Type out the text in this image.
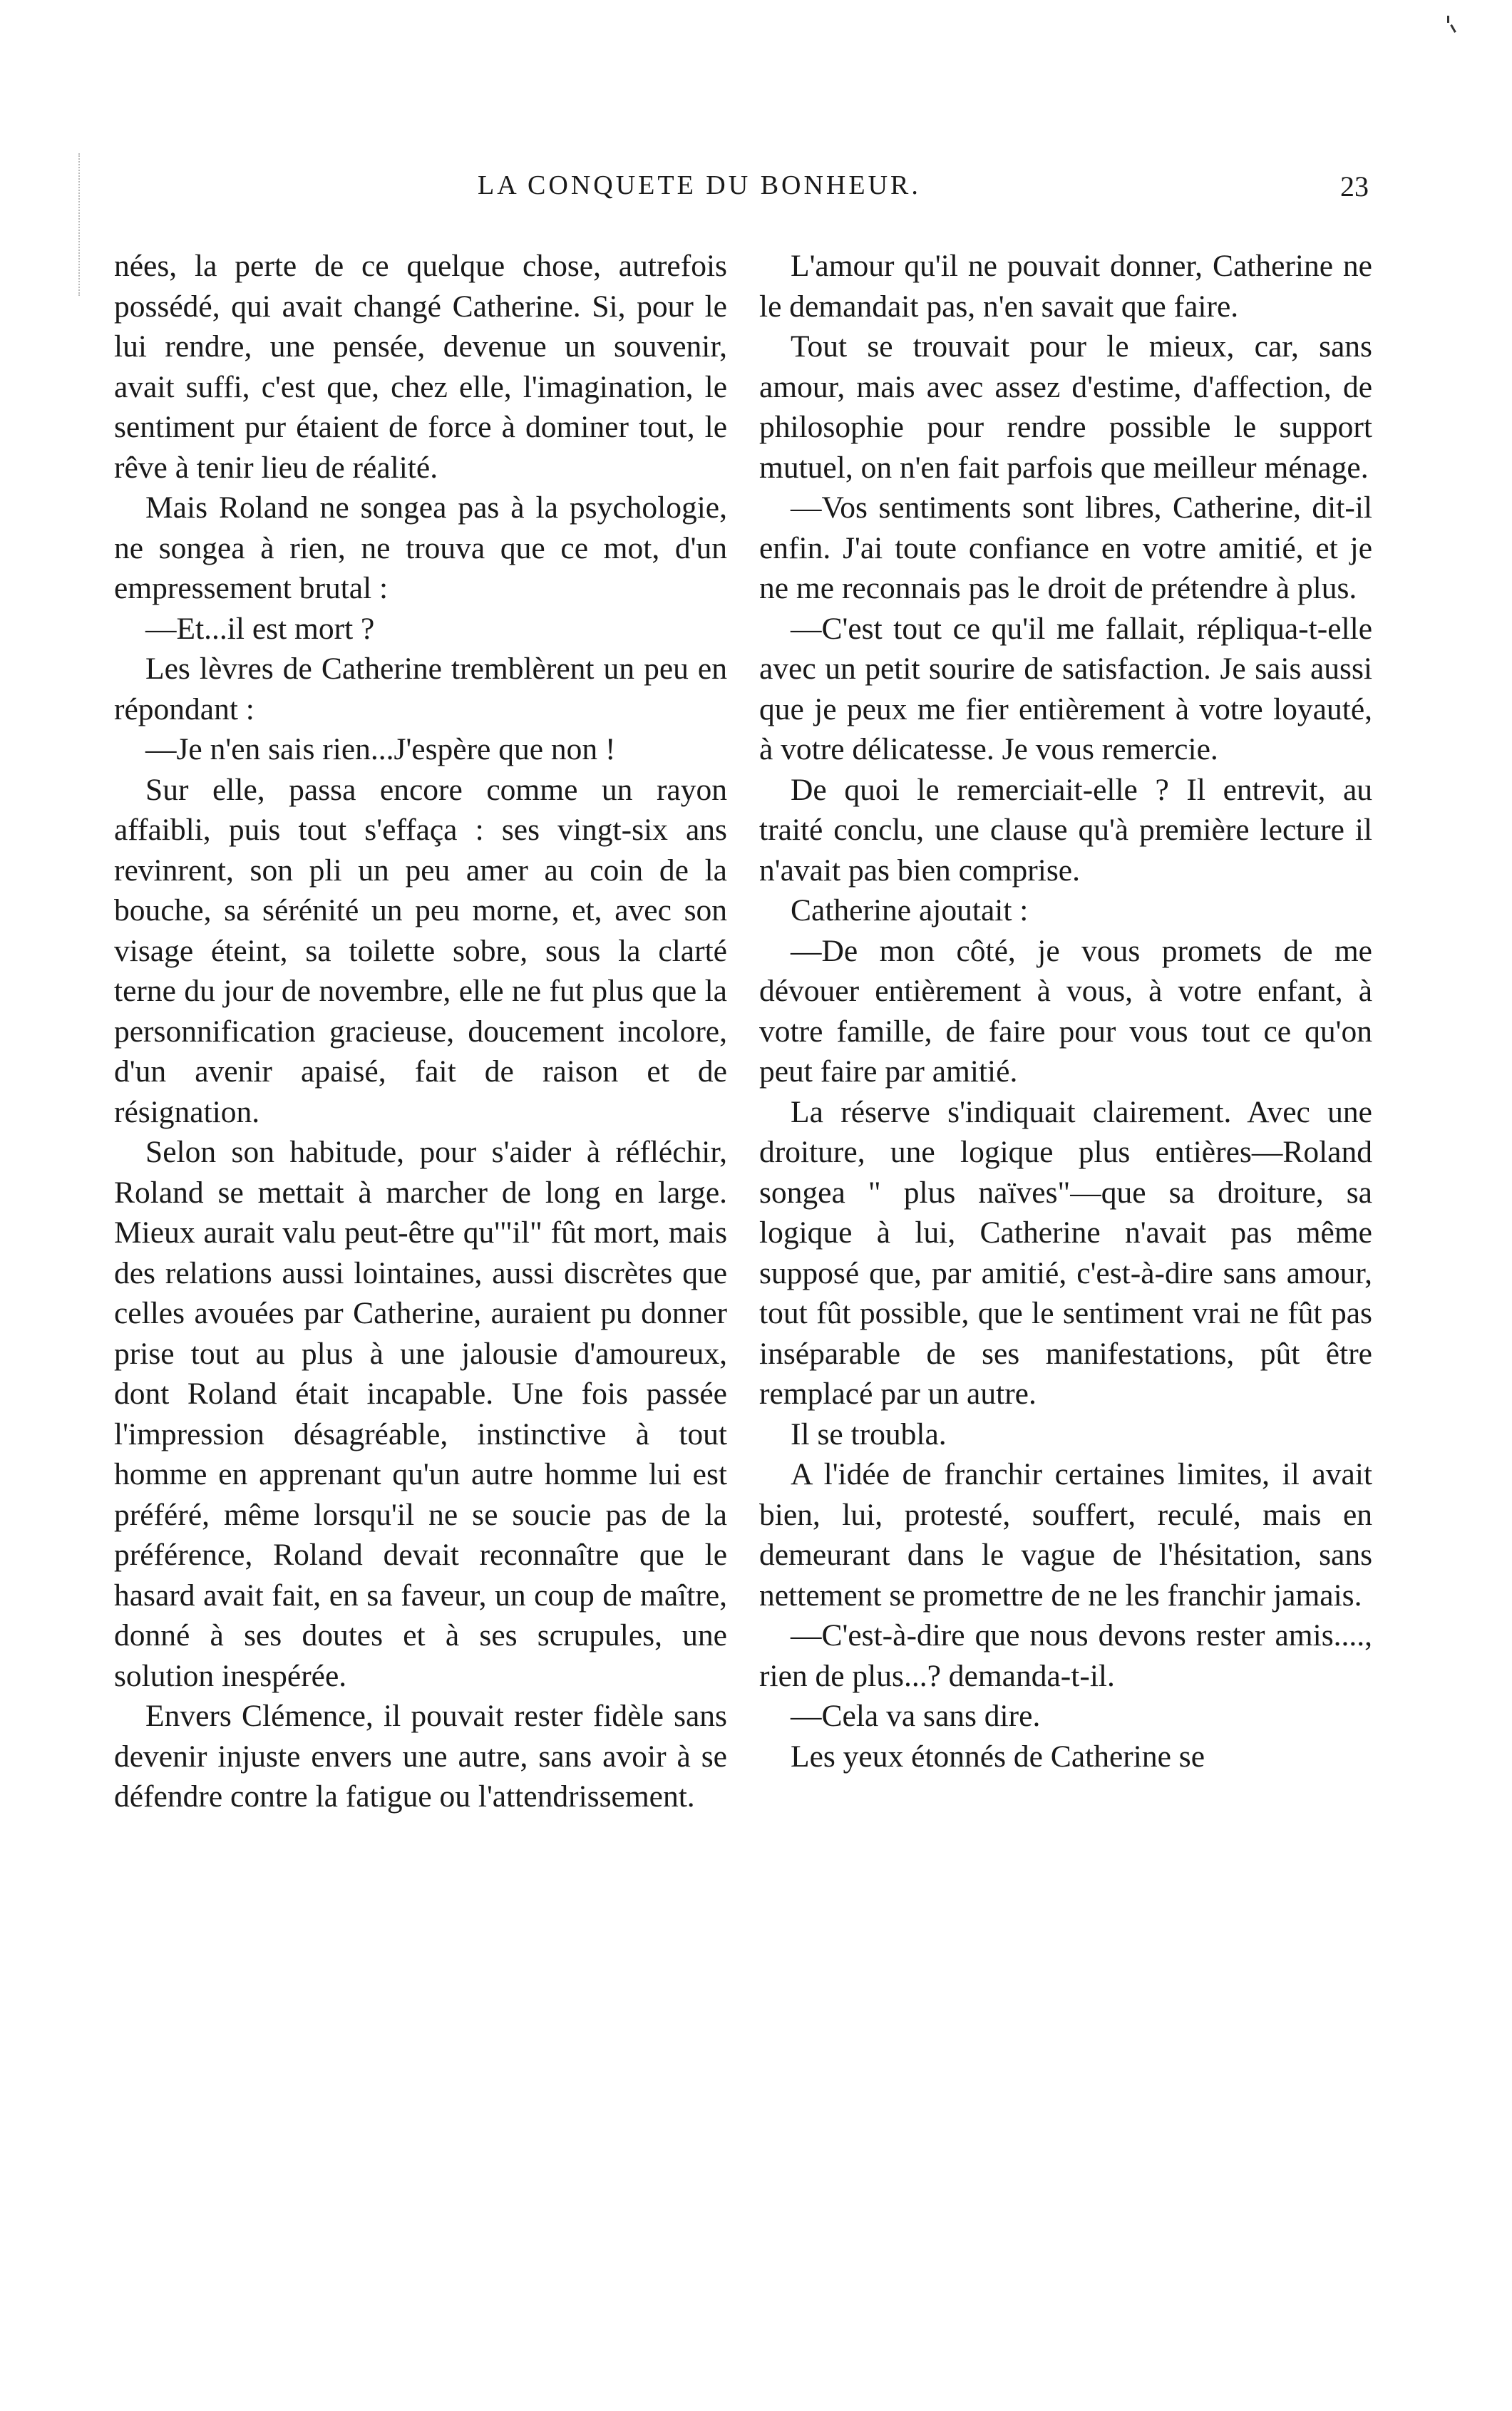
LA CONQUETE DU BONHEUR.	23

nées, la perte de ce quelque chose, autrefois possédé, qui avait changé Catherine. Si, pour le lui rendre, une pensée, devenue un souvenir, avait suffi, c'est que, chez elle, l'imagination, le sentiment pur étaient de force à dominer tout, le rêve à tenir lieu de réalité.

Mais Roland ne songea pas à la psychologie, ne songea à rien, ne trouva que ce mot, d'un empressement brutal :

—Et...il est mort ?

Les lèvres de Catherine tremblèrent un peu en répondant :

—Je n'en sais rien...J'espère que non !

Sur elle, passa encore comme un rayon affaibli, puis tout s'effaça : ses vingt-six ans revinrent, son pli un peu amer au coin de la bouche, sa sérénité un peu morne, et, avec son visage éteint, sa toilette sobre, sous la clarté terne du jour de novembre, elle ne fut plus que la personnification gracieuse, doucement incolore, d'un avenir apaisé, fait de raison et de résignation.

Selon son habitude, pour s'aider à réfléchir, Roland se mettait à marcher de long en large. Mieux aurait valu peut-être qu'"il" fût mort, mais des relations aussi lointaines, aussi discrètes que celles avouées par Catherine, auraient pu donner prise tout au plus à une jalousie d'amoureux, dont Roland était incapable. Une fois passée l'impression désagréable, instinctive à tout homme en apprenant qu'un autre homme lui est préféré, même lorsqu'il ne se soucie pas de la préférence, Roland devait reconnaître que le hasard avait fait, en sa faveur, un coup de maître, donné à ses doutes et à ses scrupules, une solution inespérée.

Envers Clémence, il pouvait rester fidèle sans devenir injuste envers une autre, sans avoir à se défendre contre la fatigue ou l'attendrissement.

L'amour qu'il ne pouvait donner, Catherine ne le demandait pas, n'en savait que faire.

Tout se trouvait pour le mieux, car, sans amour, mais avec assez d'estime, d'affection, de philosophie pour rendre possible le support mutuel, on n'en fait parfois que meilleur ménage.

—Vos sentiments sont libres, Catherine, dit-il enfin. J'ai toute confiance en votre amitié, et je ne me reconnais pas le droit de prétendre à plus.

—C'est tout ce qu'il me fallait, répliqua-t-elle avec un petit sourire de satisfaction. Je sais aussi que je peux me fier entièrement à votre loyauté, à votre délicatesse. Je vous remercie.

De quoi le remerciait-elle ? Il entrevit, au traité conclu, une clause qu'à première lecture il n'avait pas bien comprise.

Catherine ajoutait :

—De mon côté, je vous promets de me dévouer entièrement à vous, à votre enfant, à votre famille, de faire pour vous tout ce qu'on peut faire par amitié.

La réserve s'indiquait clairement. Avec une droiture, une logique plus entières—Roland songea " plus naïves"—que sa droiture, sa logique à lui, Catherine n'avait pas même supposé que, par amitié, c'est-à-dire sans amour, tout fût possible, que le sentiment vrai ne fût pas inséparable de ses manifestations, pût être remplacé par un autre.

Il se troubla.

A l'idée de franchir certaines limites, il avait bien, lui, protesté, souffert, reculé, mais en demeurant dans le vague de l'hésitation, sans nettement se promettre de ne les franchir jamais.

—C'est-à-dire que nous devons rester amis...., rien de plus...? demanda-t-il.

—Cela va sans dire.

Les yeux étonnés de Catherine se
